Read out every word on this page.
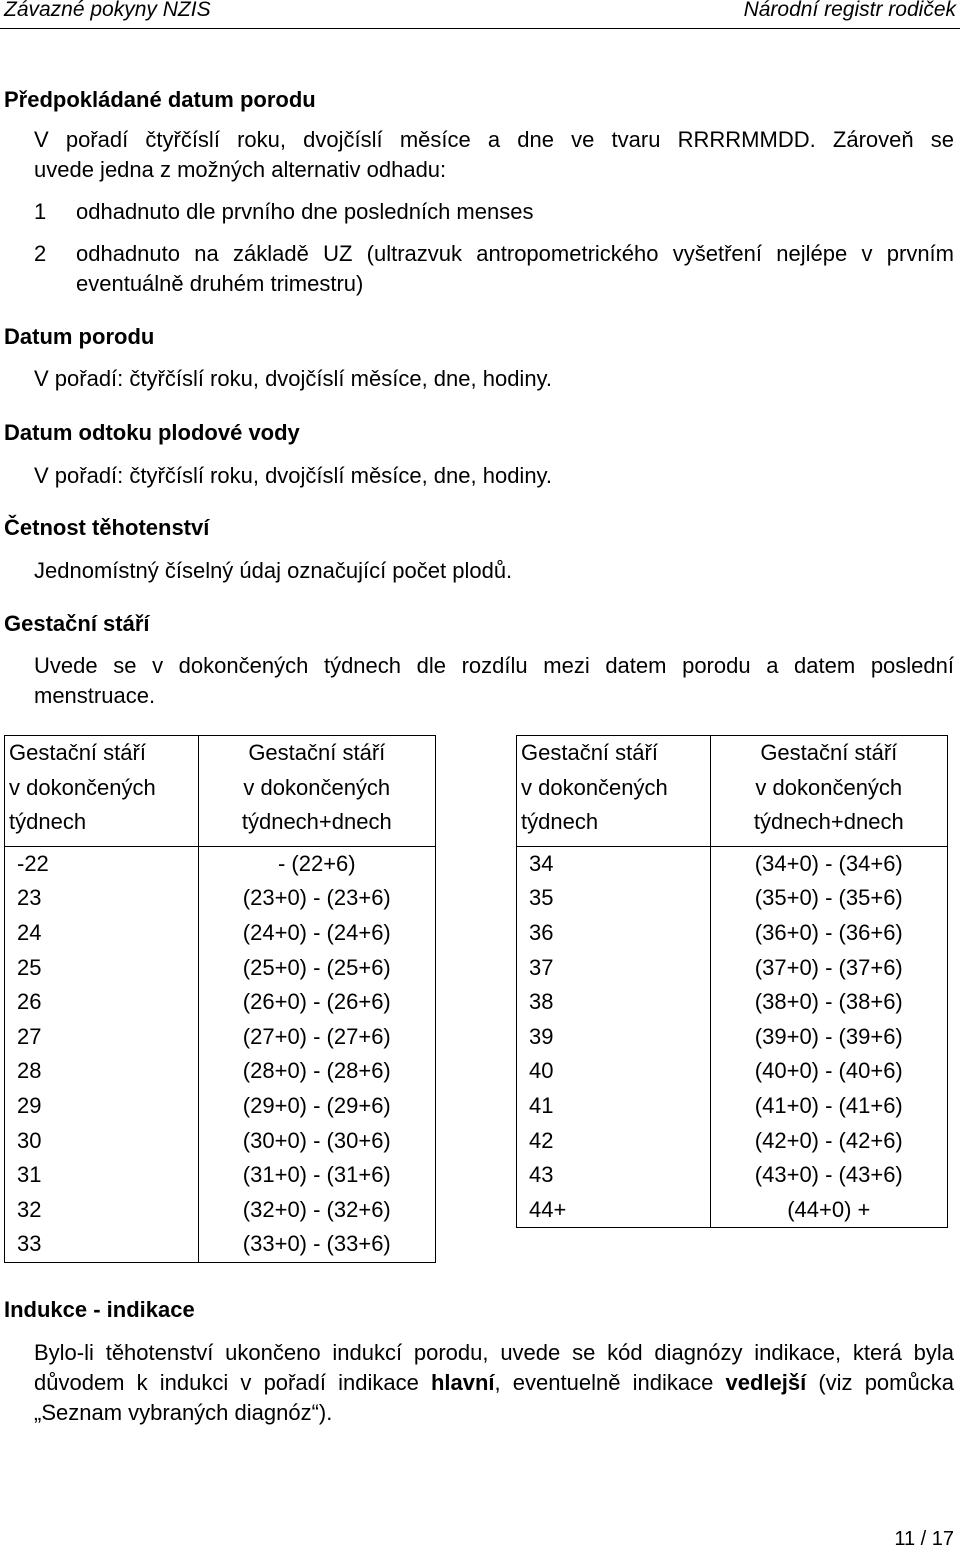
Závazné pokyny NZIS	Národní registr rodiček
Předpokládané datum porodu
V pořadí čtyřčíslí roku, dvojčíslí měsíce a dne ve tvaru RRRRMMDD. Zároveň se
uvede jedna z možných alternativ odhadu:
1 odhadnuto dle prvního dne posledních menses
2 odhadnuto na základě UZ (ultrazvuk antropometrického vyšetření nejlépe v prvním eventuálně druhém trimestru)
Datum porodu
V pořadí: čtyřčíslí roku, dvojčíslí měsíce, dne, hodiny.
Datum odtoku plodové vody
V pořadí: čtyřčíslí roku, dvojčíslí měsíce, dne, hodiny.
Četnost těhotenství
Jednomístný číselný údaj označující počet plodů.
Gestační stáří
Uvede se v dokončených týdnech dle rozdílu mezi datem porodu a datem poslední menstruace.
Gestační stáří
v dokončených
týdnech	Gestační stáří
v dokončených
týdnech+dnech

-22	- (22+6)
23	(23+0) - (23+6)
24	(24+0) - (24+6)
25	(25+0) - (25+6)
26	(26+0) - (26+6)
27	(27+0) - (27+6)
28	(28+0) - (28+6)
29	(29+0) - (29+6)
30	(30+0) - (30+6)
31	(31+0) - (31+6)
32	(32+0) - (32+6)
33	(33+0) - (33+6)
Gestační stáří
v dokončených
týdnech	Gestační stáří
v dokončených
týdnech+dnech

34	(34+0) - (34+6)
35	(35+0) - (35+6)
36	(36+0) - (36+6)
37	(37+0) - (37+6)
38	(38+0) - (38+6)
39	(39+0) - (39+6)
40	(40+0) - (40+6)
41	(41+0) - (41+6)
42	(42+0) - (42+6)
43	(43+0) - (43+6)
44+	(44+0) +
Indukce - indikace
Bylo-li těhotenství ukončeno indukcí porodu, uvede se kód diagnózy indikace, která byla důvodem k indukci v pořadí indikace hlavní, eventuelně indikace vedlejší (viz pomůcka „Seznam vybraných diagnóz“).
11 / 17
